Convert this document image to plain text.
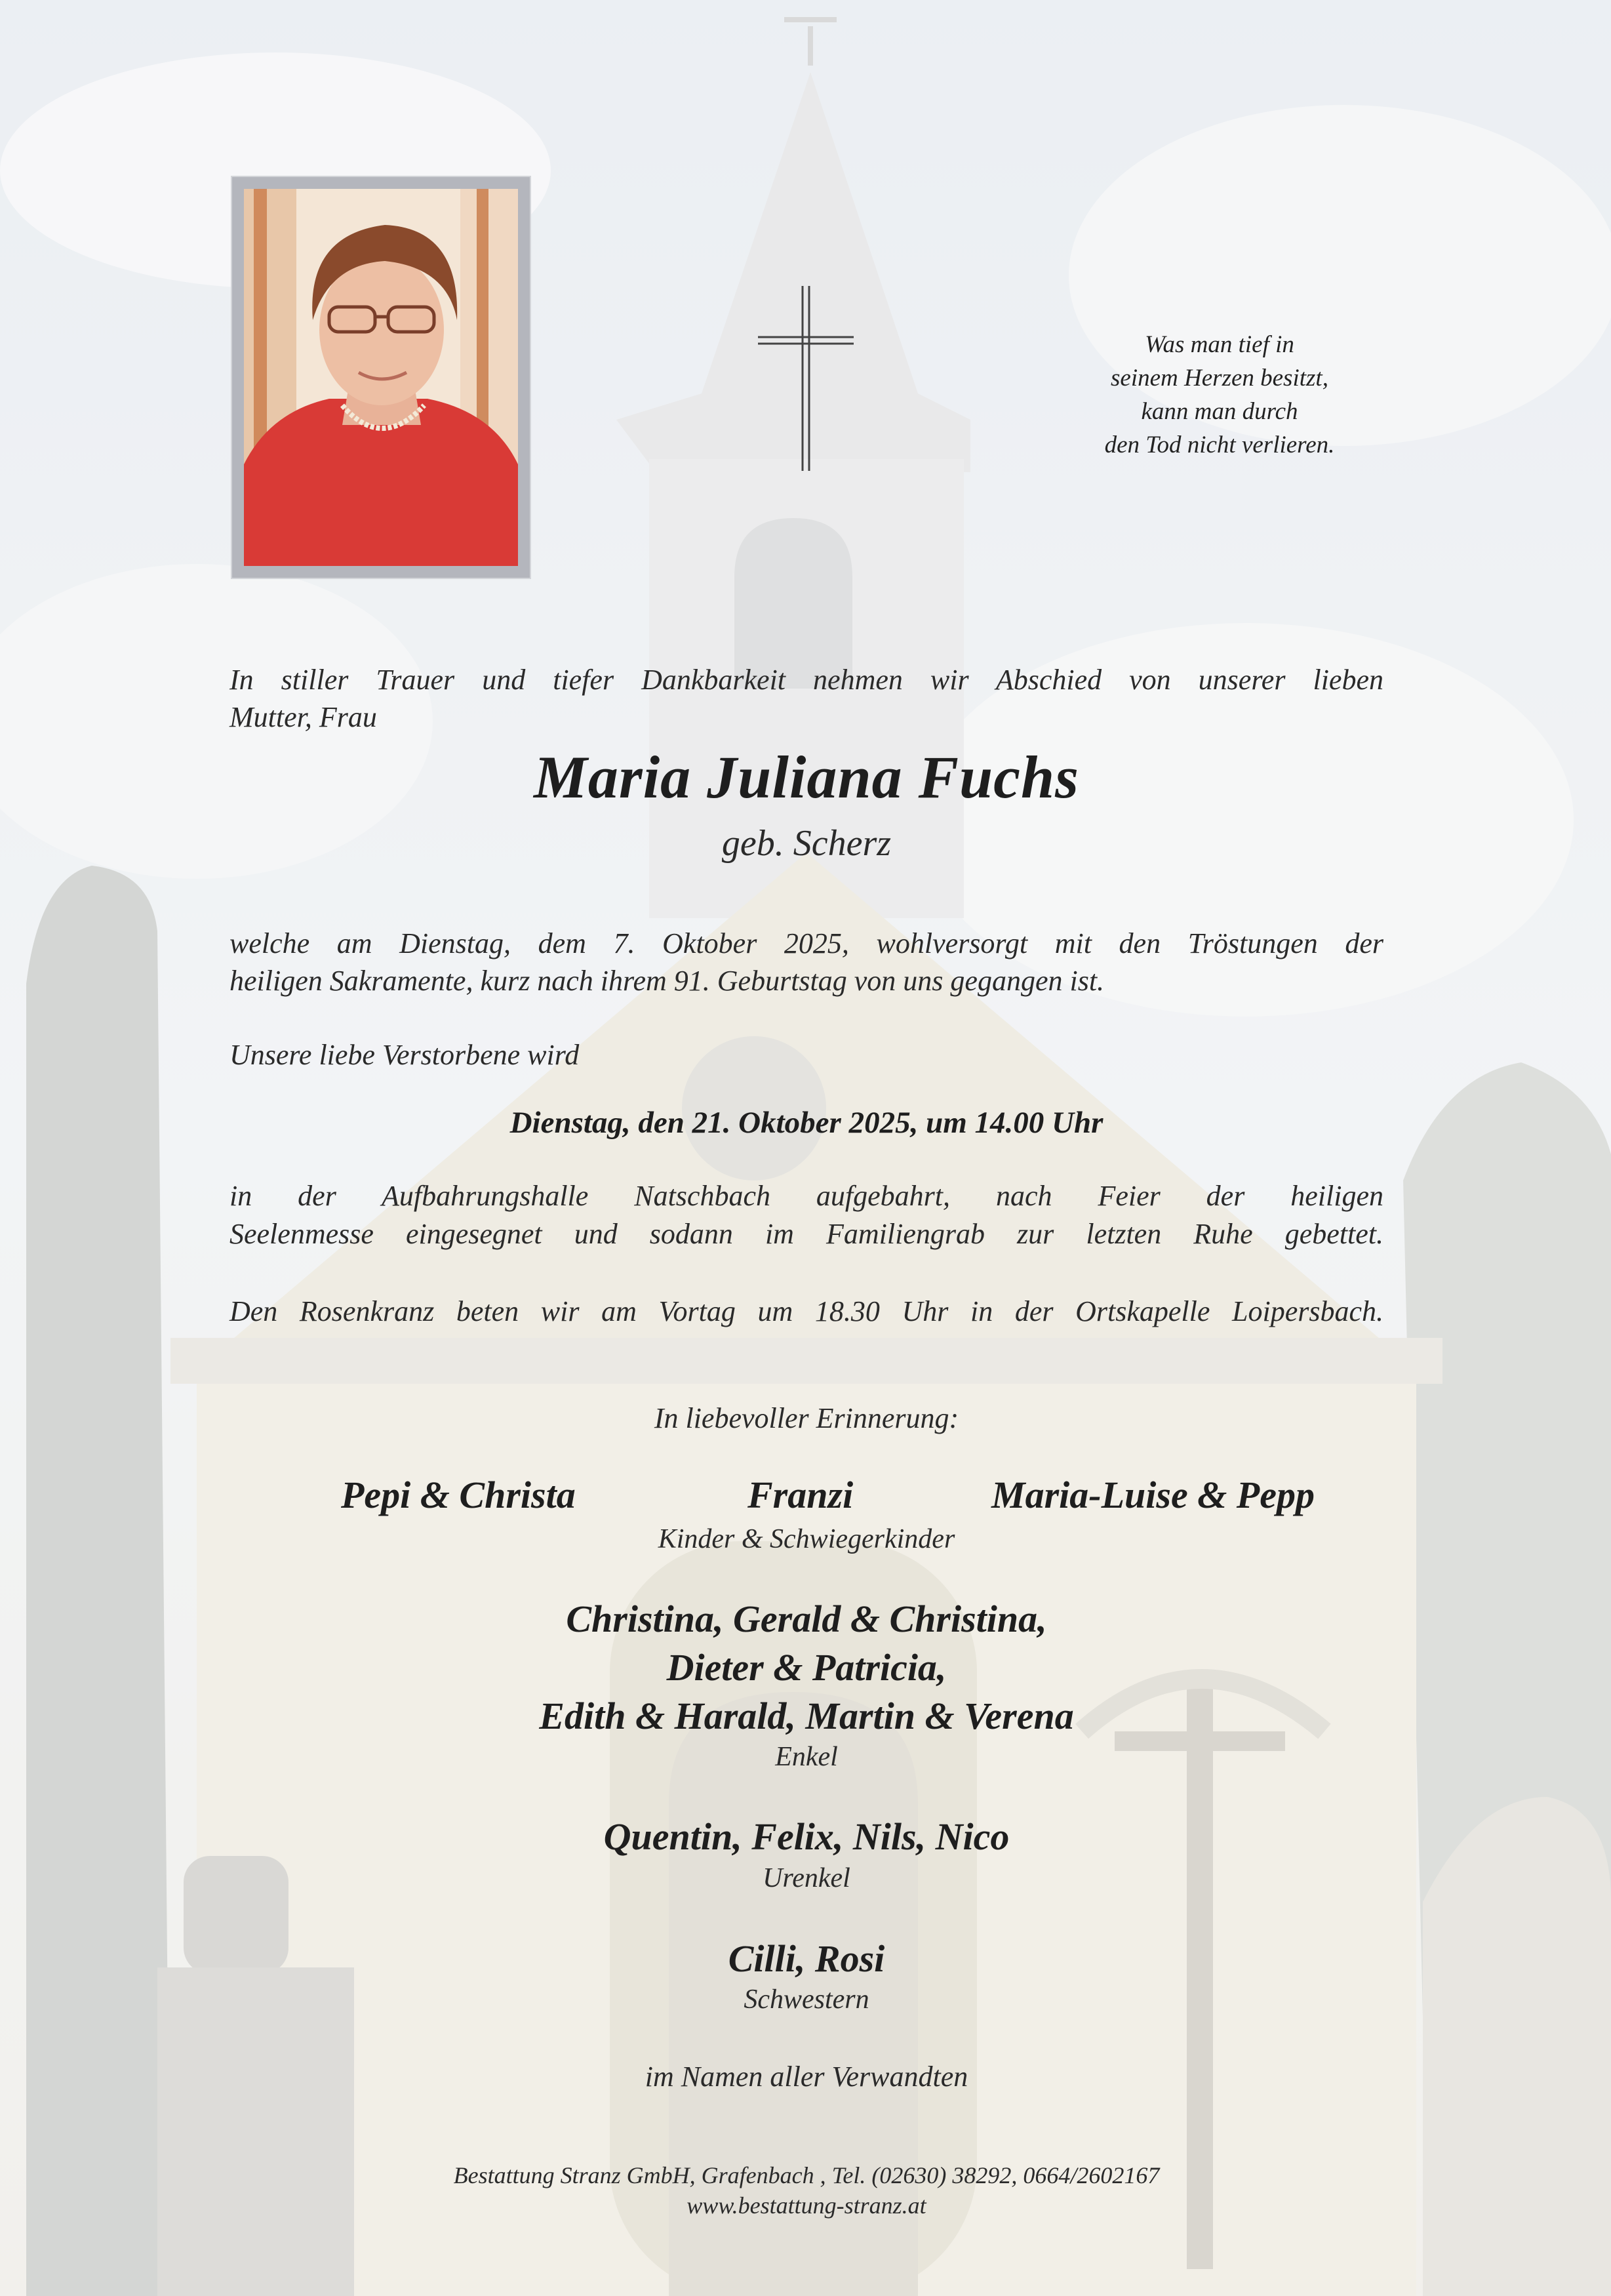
Was man tief in
seinem Herzen besitzt,
kann man durch
den Tod nicht verlieren.
In stiller Trauer und tiefer Dankbarkeit nehmen wir Abschied von unserer lieben
Mutter, Frau
Maria Juliana Fuchs
geb. Scherz
welche am Dienstag, dem 7. Oktober 2025, wohlversorgt mit den Tröstungen der
heiligen Sakramente, kurz nach ihrem 91. Geburtstag von uns gegangen ist.
Unsere liebe Verstorbene wird
Dienstag, den 21. Oktober 2025, um 14.00 Uhr
in der Aufbahrungshalle Natschbach aufgebahrt, nach Feier der heiligen
Seelenmesse eingesegnet und sodann im Familiengrab zur letzten Ruhe gebettet.
Den Rosenkranz beten wir am Vortag um 18.30 Uhr in der Ortskapelle Loipersbach.
In liebevoller Erinnerung:
Pepi & Christa	Franzi	Maria-Luise & Pepp
Kinder & Schwiegerkinder
Christina, Gerald & Christina,
Dieter & Patricia,
Edith & Harald, Martin & Verena
Enkel
Quentin, Felix, Nils, Nico
Urenkel
Cilli, Rosi
Schwestern
im Namen aller Verwandten
Bestattung Stranz GmbH, Grafenbach , Tel. (02630) 38292, 0664/2602167
www.bestattung-stranz.at
